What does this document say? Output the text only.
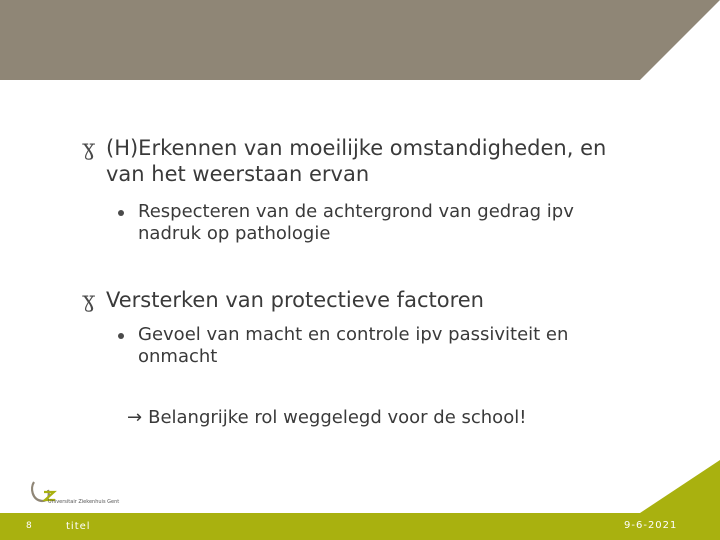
ɣ (H)Erkennen van moeilijke omstandigheden, en
van het weerstaan ervan
Respecteren van de achtergrond van gedrag ipv
nadruk op pathologie
ɣ Versterken van protectieve factoren
Gevoel van macht en controle ipv passiviteit en
onmacht
→ Belangrijke rol weggelegd voor de school!
Universitair Ziekenhuis Gent
8	titel	9-6-2021
